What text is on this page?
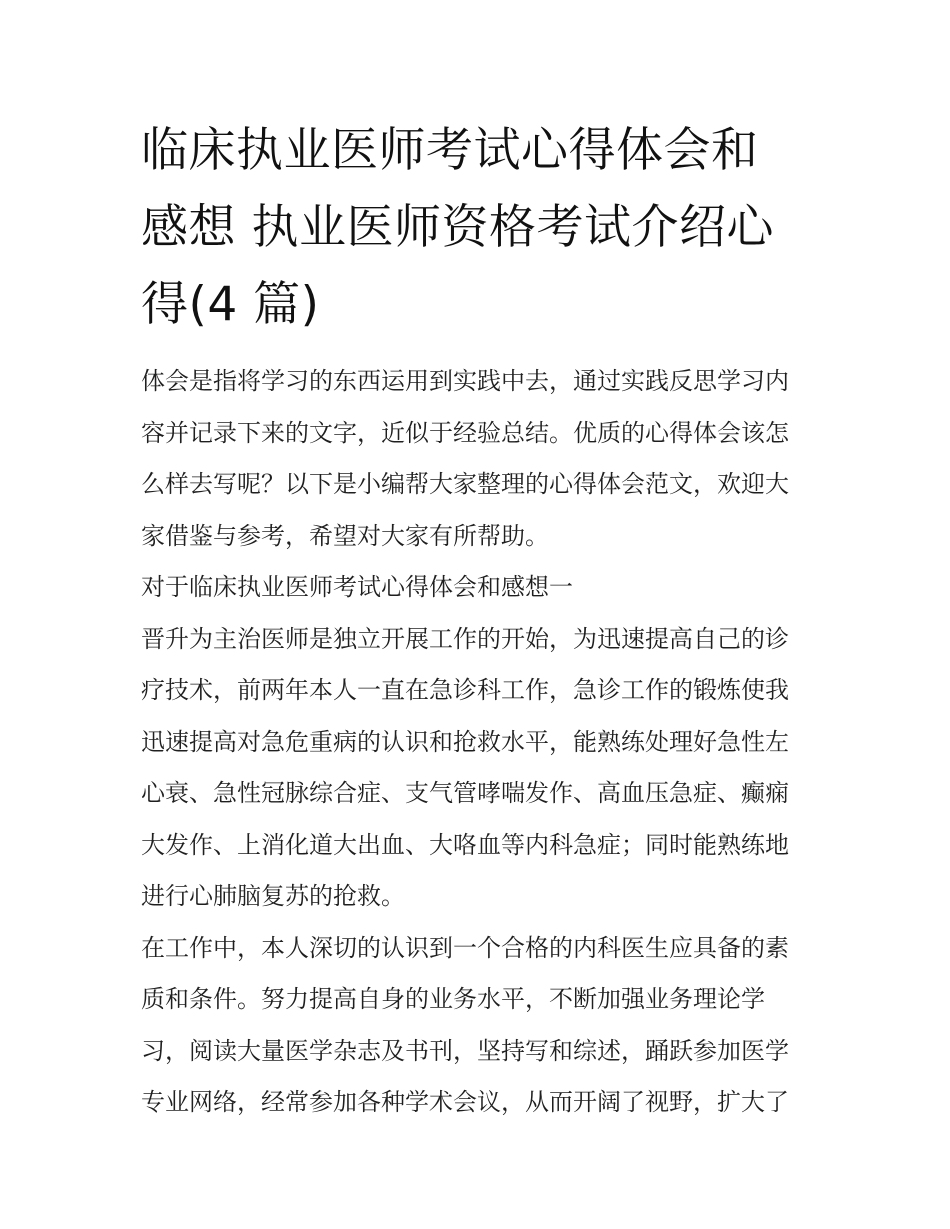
临床执业医师考试心得体会和
感想 执业医师资格考试介绍心
得(4 篇)

体会是指将学习的东西运用到实践中去，通过实践反思学习内
容并记录下来的文字，近似于经验总结。优质的心得体会该怎
么样去写呢？以下是小编帮大家整理的心得体会范文，欢迎大
家借鉴与参考，希望对大家有所帮助。

对于临床执业医师考试心得体会和感想一

晋升为主治医师是独立开展工作的开始，为迅速提高自己的诊
疗技术，前两年本人一直在急诊科工作，急诊工作的锻炼使我
迅速提高对急危重病的认识和抢救水平，能熟练处理好急性左
心衰、急性冠脉综合症、支气管哮喘发作、高血压急症、癫痫
大发作、上消化道大出血、大咯血等内科急症；同时能熟练地
进行心肺脑复苏的抢救。

在工作中，本人深切的认识到一个合格的内科医生应具备的素
质和条件。努力提高自身的业务水平，不断加强业务理论学
习，阅读大量医学杂志及书刊，坚持写和综述，踊跃参加医学
专业网络，经常参加各种学术会议，从而开阔了视野，扩大了
